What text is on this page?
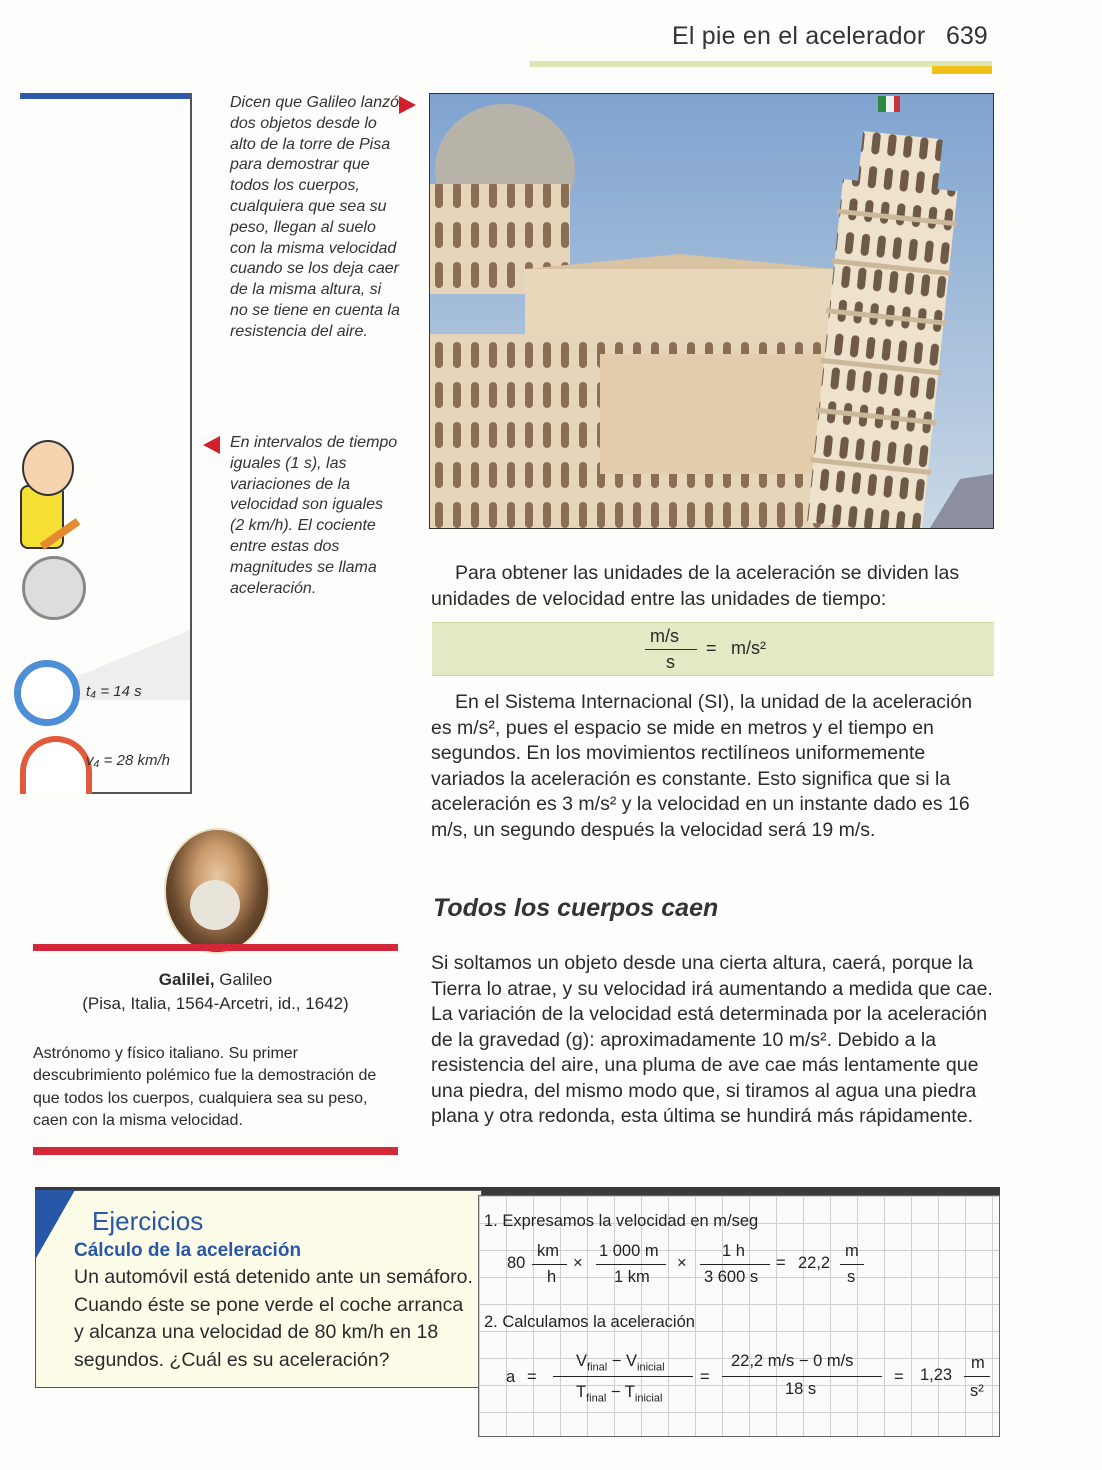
El pie en el acelerador 639
t₄ = 14 s
v₄ = 28 km/h
Dicen que Galileo lanzó dos objetos desde lo alto de la torre de Pisa para demostrar que todos los cuerpos, cualquiera que sea su peso, llegan al suelo con la misma velocidad cuando se los deja caer de la misma altura, si no se tiene en cuenta la resistencia del aire.
En intervalos de tiempo iguales (1 s), las variaciones de la velocidad son iguales (2 km/h). El cociente entre estas dos magnitudes se llama aceleración.
Para obtener las unidades de la aceleración se dividen las unidades de velocidad entre las unidades de tiempo:
m/s
s
= m/s²
En el Sistema Internacional (SI), la unidad de la aceleración es m/s², pues el espacio se mide en metros y el tiempo en segundos. En los movimientos rectilíneos uniformemente variados la aceleración es constante. Esto significa que si la aceleración es 3 m/s² y la velocidad en un instante dado es 16 m/s, un segundo después la velocidad será 19 m/s.
Todos los cuerpos caen
Si soltamos un objeto desde una cierta altura, caerá, porque la Tierra lo atrae, y su velocidad irá aumentando a medida que cae. La variación de la velocidad está determinada por la aceleración de la gravedad (g): aproximadamente 10 m/s². Debido a la resistencia del aire, una pluma de ave cae más lentamente que una piedra, del mismo modo que, si tiramos al agua una piedra plana y otra redonda, esta última se hundirá más rápidamente.
Galilei, Galileo
(Pisa, Italia, 1564-Arcetri, id., 1642)
Astrónomo y físico italiano. Su primer descubrimiento polémico fue la demostración de que todos los cuerpos, cualquiera sea su peso, caen con la misma velocidad.
Ejercicios
Cálculo de la aceleración
Un automóvil está detenido ante un semáforo. Cuando éste se pone verde el coche arranca y alcanza una velocidad de 80 km/h en 18 segundos. ¿Cuál es su aceleración?
1. Expresamos la velocidad en m/seg
80
km
h
×
1 000 m
1 km
×
1 h
3 600 s
= 22,2
m
s
2. Calculamos la aceleración
a =
$V_{final} - V_{inicial}$
$T_{final} - T_{inicial}$
=
22,2 m/s − 0 m/s
18 s
= 1,23
m
s²
